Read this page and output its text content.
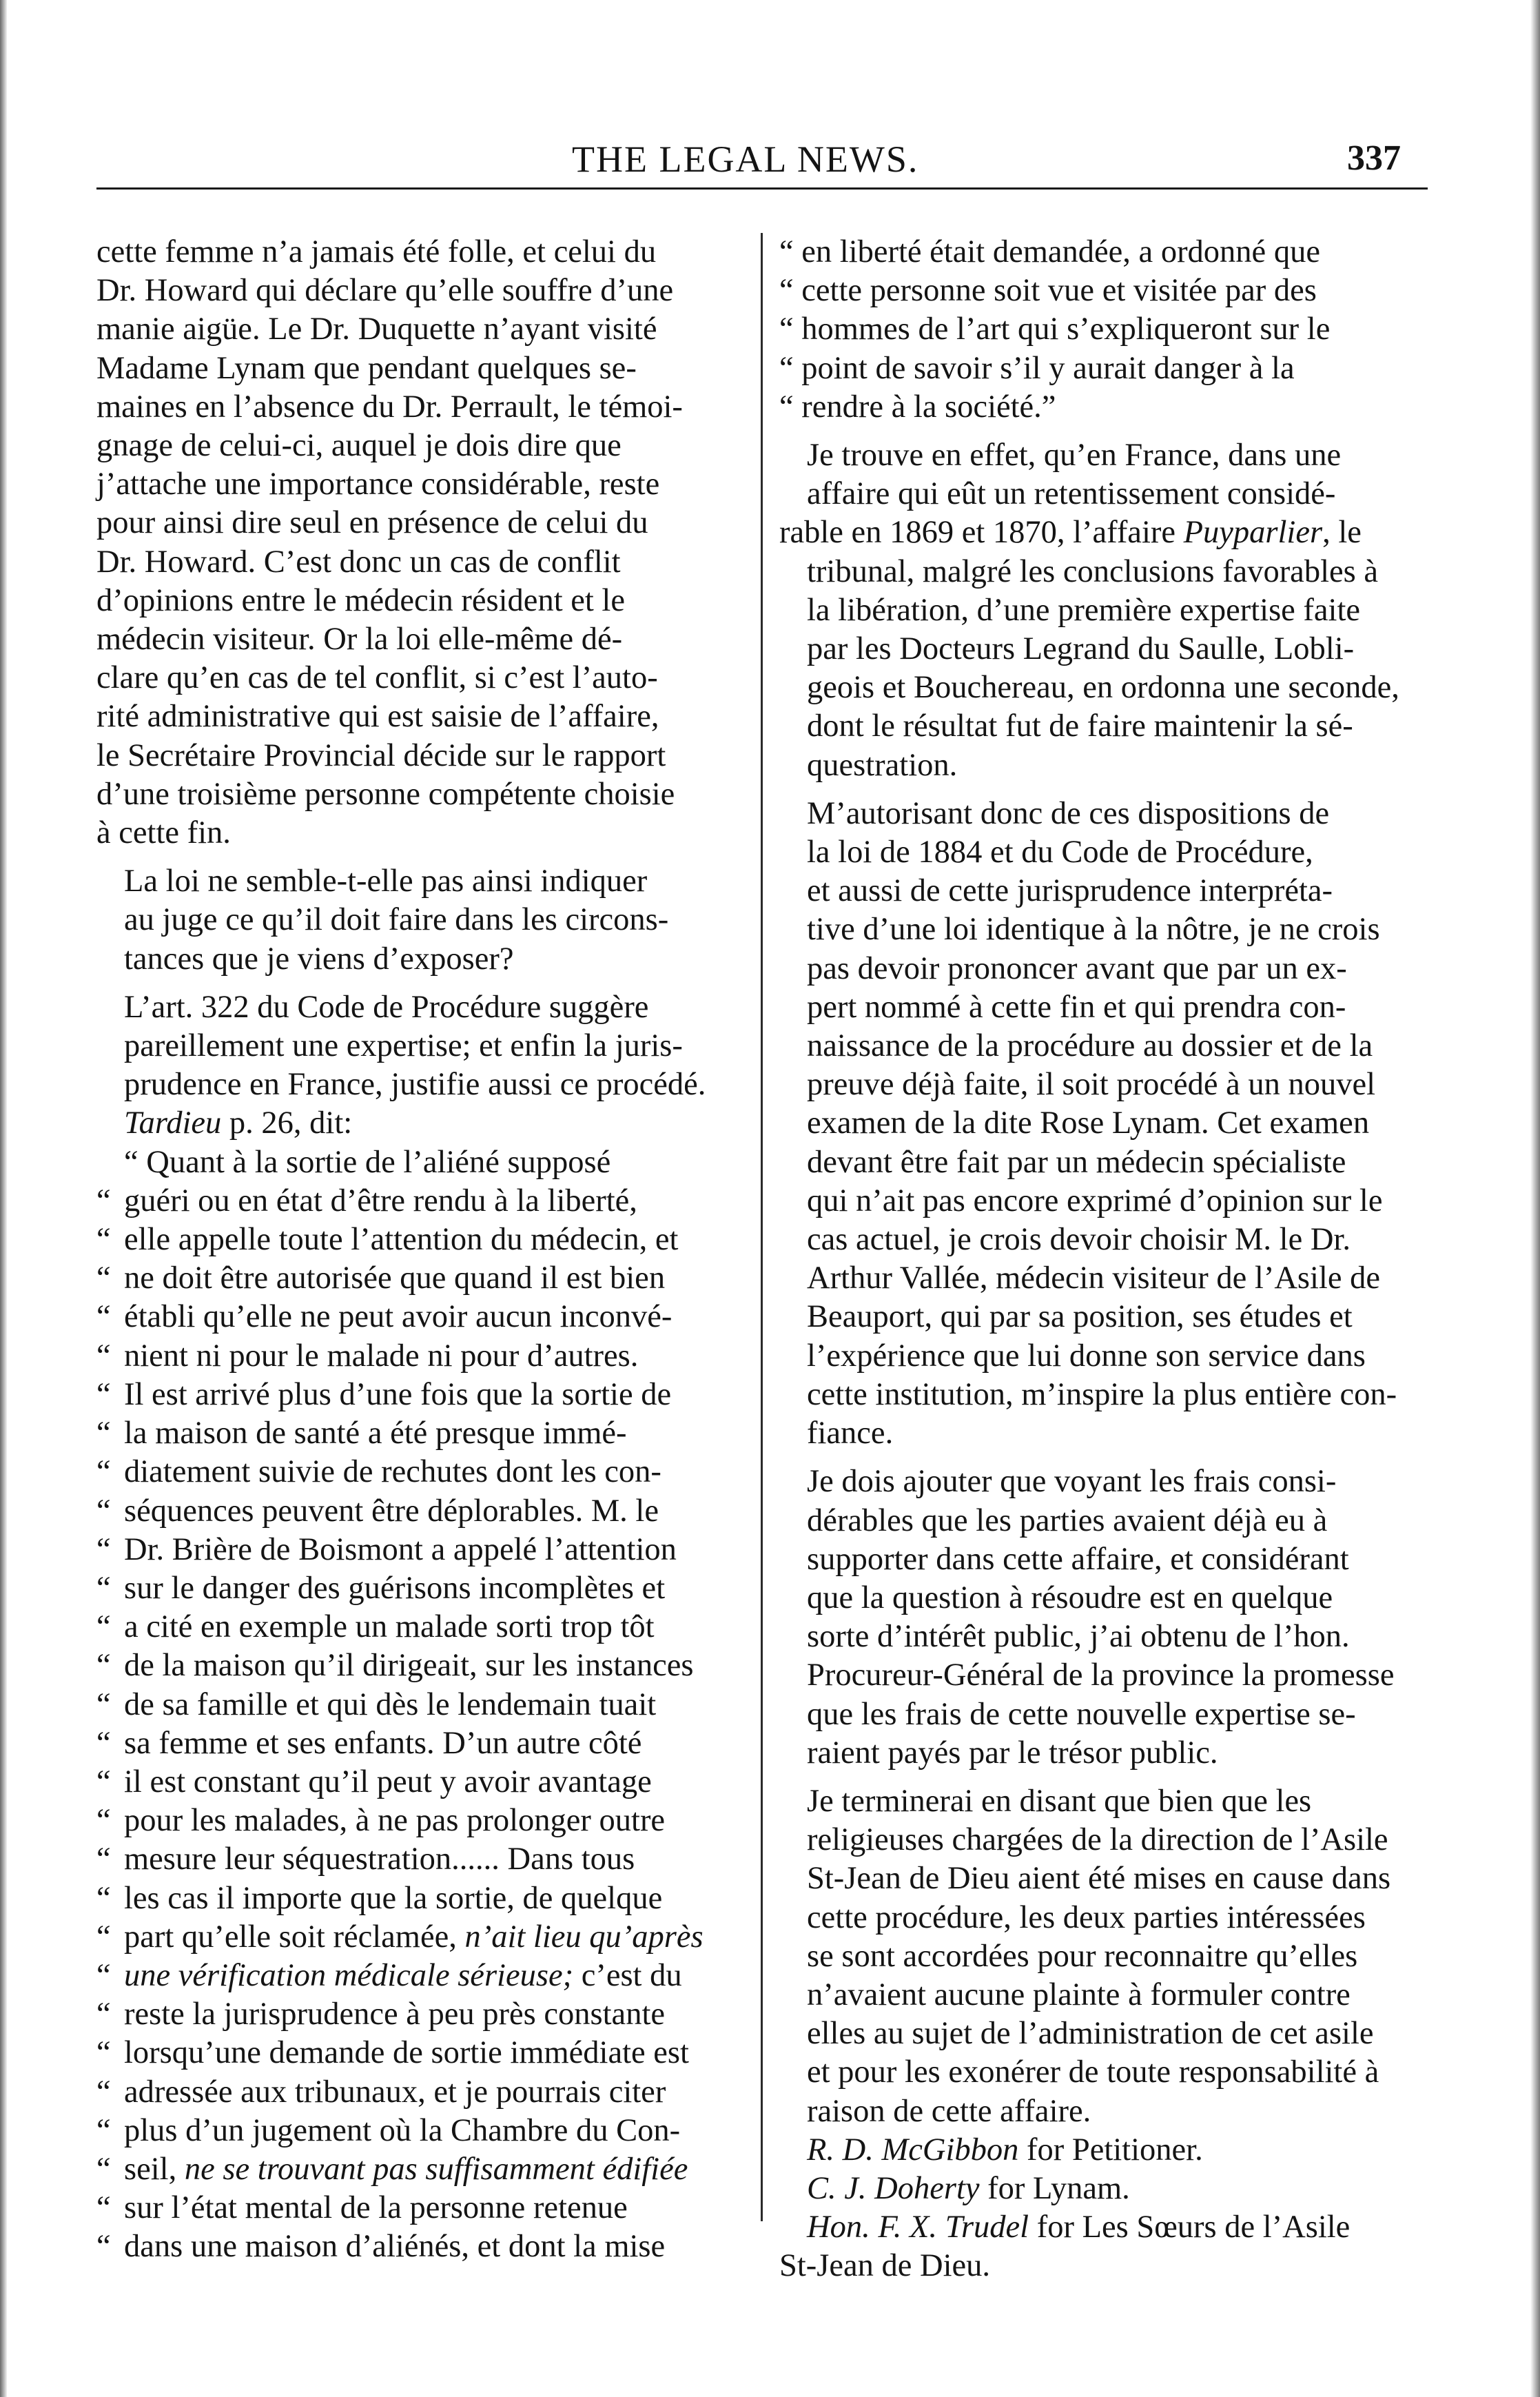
THE LEGAL NEWS.	337

cette femme n’a jamais été folle, et celui du
Dr. Howard qui déclare qu’elle souffre d’une
manie aigüe. Le Dr. Duquette n’ayant visité
Madame Lynam que pendant quelques se-
maines en l’absence du Dr. Perrault, le témoi-
gnage de celui-ci, auquel je dois dire que
j’attache une importance considérable, reste
pour ainsi dire seul en présence de celui du
Dr. Howard. C’est donc un cas de conflit
d’opinions entre le médecin résident et le
médecin visiteur. Or la loi elle-même dé-
clare qu’en cas de tel conflit, si c’est l’auto-
rité administrative qui est saisie de l’affaire,
le Secrétaire Provincial décide sur le rapport
d’une troisième personne compétente choisie
à cette fin.

La loi ne semble-t-elle pas ainsi indiquer
au juge ce qu’il doit faire dans les circons-
tances que je viens d’exposer?

L’art. 322 du Code de Procédure suggère
pareillement une expertise; et enfin la juris-
prudence en France, justifie aussi ce procédé.

Tardieu p. 26, dit:

“ Quant à la sortie de l’aliéné supposé
“ guéri ou en état d’être rendu à la liberté,
“ elle appelle toute l’attention du médecin, et
“ ne doit être autorisée que quand il est bien
“ établi qu’elle ne peut avoir aucun inconvé-
“ nient ni pour le malade ni pour d’autres.
“ Il est arrivé plus d’une fois que la sortie de
“ la maison de santé a été presque immé-
“ diatement suivie de rechutes dont les con-
“ séquences peuvent être déplorables. M. le
“ Dr. Brière de Boismont a appelé l’attention
“ sur le danger des guérisons incomplètes et
“ a cité en exemple un malade sorti trop tôt
“ de la maison qu’il dirigeait, sur les instances
“ de sa famille et qui dès le lendemain tuait
“ sa femme et ses enfants. D’un autre côté
“ il est constant qu’il peut y avoir avantage
“ pour les malades, à ne pas prolonger outre
“ mesure leur séquestration...... Dans tous
“ les cas il importe que la sortie, de quelque
“ part qu’elle soit réclamée, n’ait lieu qu’après
“ une vérification médicale sérieuse; c’est du
“ reste la jurisprudence à peu près constante
“ lorsqu’une demande de sortie immédiate est
“ adressée aux tribunaux, et je pourrais citer
“ plus d’un jugement où la Chambre du Con-
“ seil, ne se trouvant pas suffisamment édifiée
“ sur l’état mental de la personne retenue
“ dans une maison d’aliénés, et dont la mise

“ en liberté était demandée, a ordonné que
“ cette personne soit vue et visitée par des
“ hommes de l’art qui s’expliqueront sur le
“ point de savoir s’il y aurait danger à la
“ rendre à la société.”

Je trouve en effet, qu’en France, dans une
affaire qui eût un retentissement considé-
rable en 1869 et 1870, l’affaire Puyparlier, le
tribunal, malgré les conclusions favorables à
la libération, d’une première expertise faite
par les Docteurs Legrand du Saulle, Lobli-
geois et Bouchereau, en ordonna une seconde,
dont le résultat fut de faire maintenir la sé-
questration.

M’autorisant donc de ces dispositions de
la loi de 1884 et du Code de Procédure,
et aussi de cette jurisprudence interpréta-
tive d’une loi identique à la nôtre, je ne crois
pas devoir prononcer avant que par un ex-
pert nommé à cette fin et qui prendra con-
naissance de la procédure au dossier et de la
preuve déjà faite, il soit procédé à un nouvel
examen de la dite Rose Lynam. Cet examen
devant être fait par un médecin spécialiste
qui n’ait pas encore exprimé d’opinion sur le
cas actuel, je crois devoir choisir M. le Dr.
Arthur Vallée, médecin visiteur de l’Asile de
Beauport, qui par sa position, ses études et
l’expérience que lui donne son service dans
cette institution, m’inspire la plus entière con-
fiance.

Je dois ajouter que voyant les frais consi-
dérables que les parties avaient déjà eu à
supporter dans cette affaire, et considérant
que la question à résoudre est en quelque
sorte d’intérêt public, j’ai obtenu de l’hon.
Procureur-Général de la province la promesse
que les frais de cette nouvelle expertise se-
raient payés par le trésor public.

Je terminerai en disant que bien que les
religieuses chargées de la direction de l’Asile
St-Jean de Dieu aient été mises en cause dans
cette procédure, les deux parties intéressées
se sont accordées pour reconnaitre qu’elles
n’avaient aucune plainte à formuler contre
elles au sujet de l’administration de cet asile
et pour les exonérer de toute responsabilité à
raison de cette affaire.

R. D. McGibbon for Petitioner.
C. J. Doherty for Lynam.
Hon. F. X. Trudel for Les Sœurs de l’Asile
St-Jean de Dieu.
